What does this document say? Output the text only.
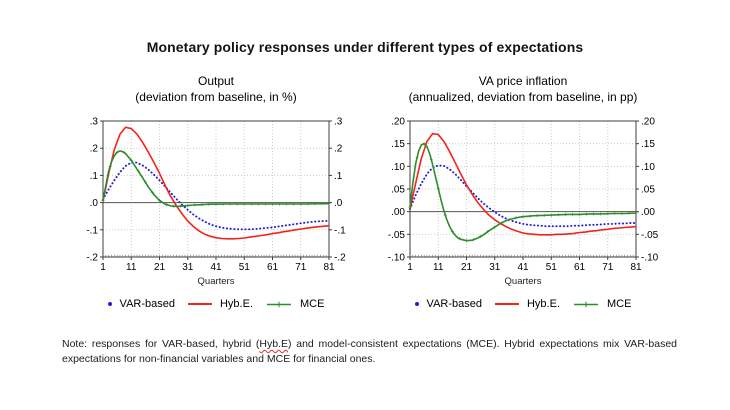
Monetary policy responses under different types of expectations
Output
(deviation from baseline, in %)
1 11 21 31 41 51 61 71 81
.3	.3
.2	.2
.1	.1
.0	.0
-.1	-.1
-.2	-.2
Quarters
VAR-based	Hyb.E.	MCE
VA price inflation
(annualized, deviation from baseline, in pp)
1 11 21 31 41 51 61 71 81
.20	.20
.15	.15
.10	.10
.05	.05
.00	.00
-.05	-.05
-.10	-.10
Quarters
VAR-based	Hyb.E.	MCE
Note: responses for VAR-based, hybrid (Hyb.E) and model-consistent expectations (MCE). Hybrid expectations mix VAR-based expectations for non-financial variables and MCE for financial ones.
